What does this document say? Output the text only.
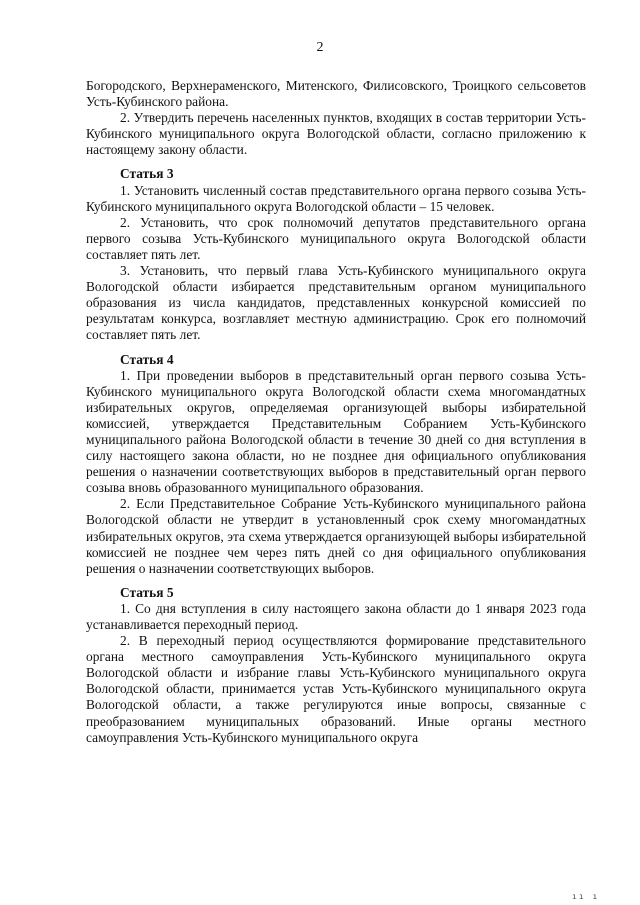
2

Богородского, Верхнераменского, Митенского, Филисовского, Троицкого сельсоветов Усть-Кубинского района.

2. Утвердить перечень населенных пунктов, входящих в состав территории Усть-Кубинского муниципального округа Вологодской области, согласно приложению к настоящему закону области.

Статья 3

1. Установить численный состав представительного органа первого созыва Усть-Кубинского муниципального округа Вологодской области – 15 человек.

2. Установить, что срок полномочий депутатов представительного органа первого созыва Усть-Кубинского муниципального округа Вологодской области составляет пять лет.

3. Установить, что первый глава Усть-Кубинского муниципального округа Вологодской области избирается представительным органом муниципального образования из числа кандидатов, представленных конкурсной комиссией по результатам конкурса, возглавляет местную администрацию. Срок его полномочий составляет пять лет.

Статья 4

1. При проведении выборов в представительный орган первого созыва Усть-Кубинского муниципального округа Вологодской области схема многомандатных избирательных округов, определяемая организующей выборы избирательной комиссией, утверждается Представительным Собранием Усть-Кубинского муниципального района Вологодской области в течение 30 дней со дня вступления в силу настоящего закона области, но не позднее дня официального опубликования решения о назначении соответствующих выборов в представительный орган первого созыва вновь образованного муниципального образования.

2. Если Представительное Собрание Усть-Кубинского муниципального района Вологодской области не утвердит в установленный срок схему многомандатных избирательных округов, эта схема утверждается организующей выборы избирательной комиссией не позднее чем через пять дней со дня официального опубликования решения о назначении соответствующих выборов.

Статья 5

1. Со дня вступления в силу настоящего закона области до 1 января 2023 года устанавливается переходный период.

2. В переходный период осуществляются формирование представительного органа местного самоуправления Усть-Кубинского муниципального округа Вологодской области и избрание главы Усть-Кубинского муниципального округа Вологодской области, принимается устав Усть-Кубинского муниципального округа Вологодской области, а также регулируются иные вопросы, связанные с преобразованием муниципальных образований. Иные органы местного самоуправления Усть-Кубинского муниципального округа

ıı ı
